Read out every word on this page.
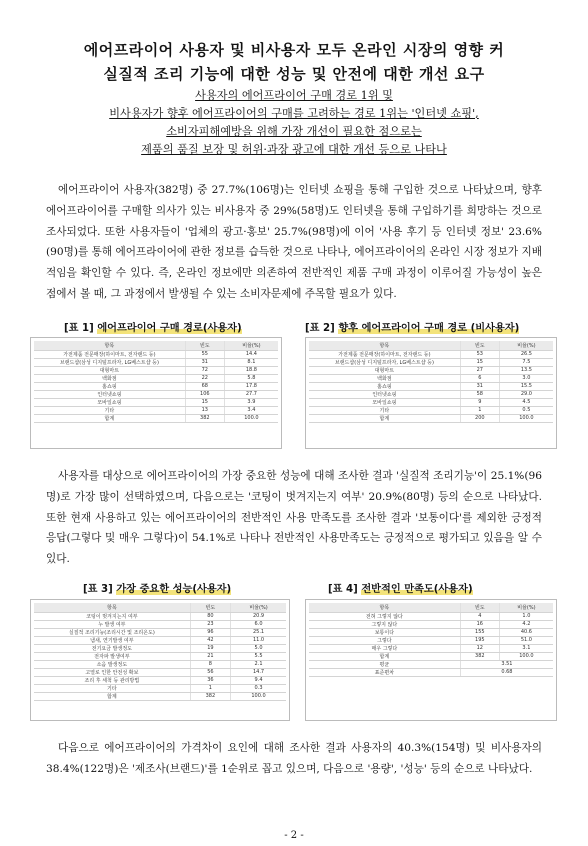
에어프라이어 사용자 및 비사용자 모두 온라인 시장의 영향 커
실질적 조리 기능에 대한 성능 및 안전에 대한 개선 요구
사용자의 에어프라이어 구매 경로 1위 및
비사용자가 향후 에어프라이어의 구매를 고려하는 경로 1위는 '인터넷 쇼핑',
소비자피해예방을 위해 가장 개선이 필요한 점으로는
제품의 품질 보장 및 허위·과장 광고에 대한 개선 등으로 나타나
에어프라이어 사용자(382명) 중 27.7%(106명)는 인터넷 쇼핑을 통해 구입한 것으로 나타났으며, 향후 에어프라이어를 구매할 의사가 있는 비사용자 중 29%(58명)도 인터넷을 통해 구입하기를 희망하는 것으로 조사되었다. 또한 사용자들이 '업체의 광고·홍보' 25.7%(98명)에 이어 '사용 후기 등 인터넷 정보' 23.6%(90명)를 통해 에어프라이어에 관한 정보를 습득한 것으로 나타나, 에어프라이어의 온라인 시장 정보가 지배적임을 확인할 수 있다. 즉, 온라인 정보에만 의존하여 전반적인 제품 구매 과정이 이루어질 가능성이 높은 점에서 볼 때, 그 과정에서 발생될 수 있는 소비자문제에 주목할 필요가 있다.
[표 1] 에어프라이어 구매 경로(사용자)	[표 2] 향후 에어프라이어 구매 경로 (비사용자)
항목	빈도	비율(%)
가전제품 전문매장(하이마트, 전자랜드 등)	55	14.4
브랜드샵(삼성 디지털프라자, LG베스트샵 등)	31	8.1
대형마트	72	18.8
백화점	22	5.8
홈쇼핑	68	17.8
인터넷쇼핑	106	27.7
모바일쇼핑	15	3.9
기타	13	3.4
합계	382	100.0
항목	빈도	비율(%)
가전제품 전문매장(하이마트, 전자랜드 등)	53	26.5
브랜드샵(삼성 디지털프라자, LG베스트샵 등)	15	7.5
대형마트	27	13.5
백화점	6	3.0
홈쇼핑	31	15.5
인터넷쇼핑	58	29.0
모바일쇼핑	9	4.5
기타	1	0.5
합계	200	100.0
사용자를 대상으로 에어프라이어의 가장 중요한 성능에 대해 조사한 결과 '실질적 조리기능'이 25.1%(96명)로 가장 많이 선택하였으며, 다음으로는 '코팅이 벗겨지는지 여부' 20.9%(80명) 등의 순으로 나타났다. 또한 현재 사용하고 있는 에어프라이어의 전반적인 사용 만족도를 조사한 결과 '보통이다'를 제외한 긍정적 응답(그렇다 및 매우 그렇다)이 54.1%로 나타나 전반적인 사용만족도는 긍정적으로 평가되고 있음을 알 수 있다.
[표 3] 가장 중요한 성능(사용자)	[표 4] 전반적인 만족도(사용자)
항목	빈도	비율(%)
코팅이 벗겨지는지 여부	80	20.9
누 발생 여부	23	6.0
실질적 조리기능(조리시간 및 조리온도)	96	25.1
냄새, 연기발생 여부	42	11.0
전기요금 발생정도	19	5.0
전자파 발생여부	21	5.5
소음 발생정도	8	2.1
고열로 인한 안전성 확보	56	14.7
조리 후 세척 등 관리방법	36	9.4
기타	1	0.3
합계	382	100.0
항목	빈도	비율(%)
전혀 그렇지 않다	4	1.0
그렇지 않다	16	4.2
보통이다	155	40.6
그렇다	195	51.0
매우 그렇다	12	3.1
합계	382	100.0
평균	3.51	
표준편차	0.68	
다음으로 에어프라이어의 가격차이 요인에 대해 조사한 결과 사용자의 40.3%(154명) 및 비사용자의 38.4%(122명)은 '제조사(브랜드)'를 1순위로 꼽고 있으며, 다음으로 '용량', '성능' 등의 순으로 나타났다.
- 2 -
